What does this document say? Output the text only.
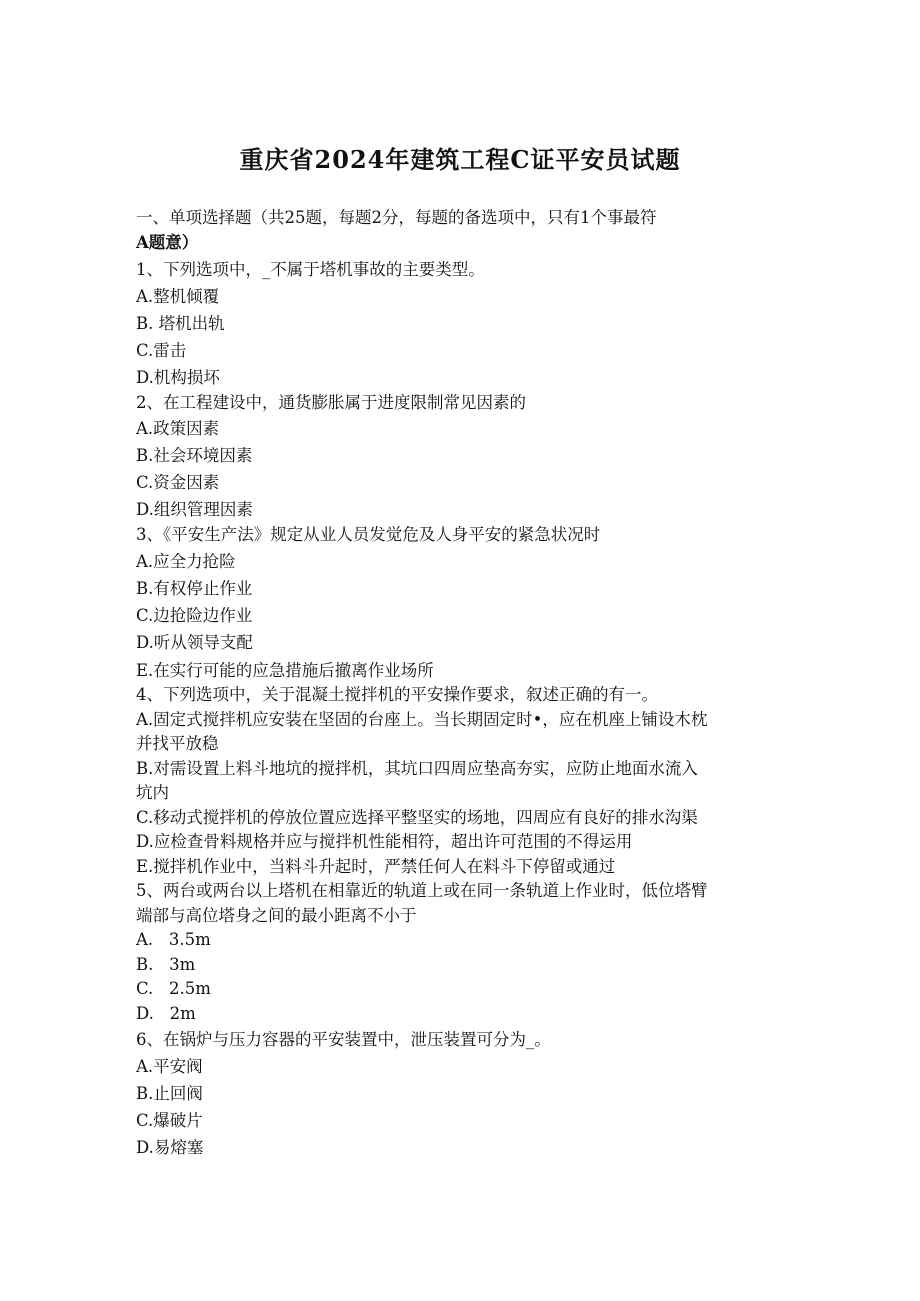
重庆省2024年建筑工程C证平安员试题
一、单项选择题（共25题，每题2分，每题的备选项中，只有1个事最符
A题意）
1、下列选项中，_不属于塔机事故的主要类型。
A.整机倾覆
B. 塔机出轨
C.雷击
D.机构损坏
2、在工程建设中，通货膨胀属于进度限制常见因素的
A.政策因素
B.社会环境因素
C.资金因素
D.组织管理因素
3、《平安生产法》规定从业人员发觉危及人身平安的紧急状况时
A.应全力抢险
B.有权停止作业
C.边抢险边作业
D.听从领导支配
E.在实行可能的应急措施后撤离作业场所
4、下列选项中，关于混凝土搅拌机的平安操作要求，叙述正确的有一。
A.固定式搅拌机应安装在坚固的台座上。当长期固定时•，应在机座上铺设木枕
并找平放稳
B.对需设置上料斗地坑的搅拌机，其坑口四周应垫高夯实，应防止地面水流入
坑内
C.移动式搅拌机的停放位置应选择平整坚实的场地，四周应有良好的排水沟渠
D.应检查骨料规格并应与搅拌机性能相符，超出许可范围的不得运用
E.搅拌机作业中，当料斗升起时，严禁任何人在料斗下停留或通过
5、两台或两台以上塔机在相靠近的轨道上或在同一条轨道上作业时，低位塔臂
端部与高位塔身之间的最小距离不小于
A.   3.5m
B.   3m
C.   2.5m
D.   2m
6、在锅炉与压力容器的平安装置中，泄压装置可分为_。
A.平安阀
B.止回阀
C.爆破片
D.易熔塞
